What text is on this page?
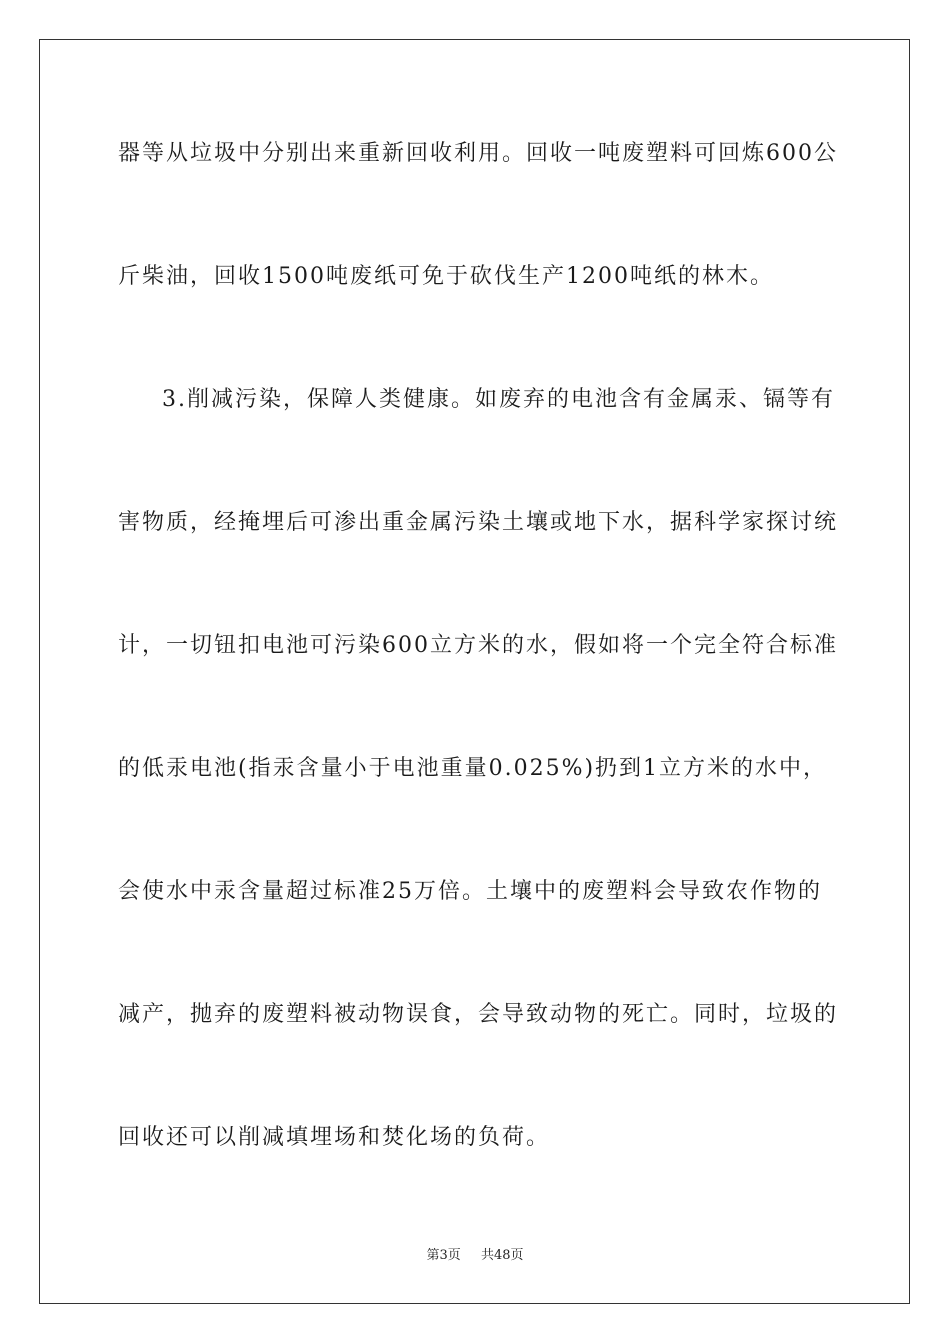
器等从垃圾中分别出来重新回收利用。回收一吨废塑料可回炼600公
斤柴油，回收1500吨废纸可免于砍伐生产1200吨纸的林木。
3.削减污染，保障人类健康。如废弃的电池含有金属汞、镉等有
害物质，经掩埋后可渗出重金属污染土壤或地下水，据科学家探讨统
计，一切钮扣电池可污染600立方米的水，假如将一个完全符合标准
的低汞电池(指汞含量小于电池重量0.025%)扔到1立方米的水中，
会使水中汞含量超过标准25万倍。土壤中的废塑料会导致农作物的
减产，抛弃的废塑料被动物误食，会导致动物的死亡。同时，垃圾的
回收还可以削减填埋场和焚化场的负荷。
第3页 共48页
